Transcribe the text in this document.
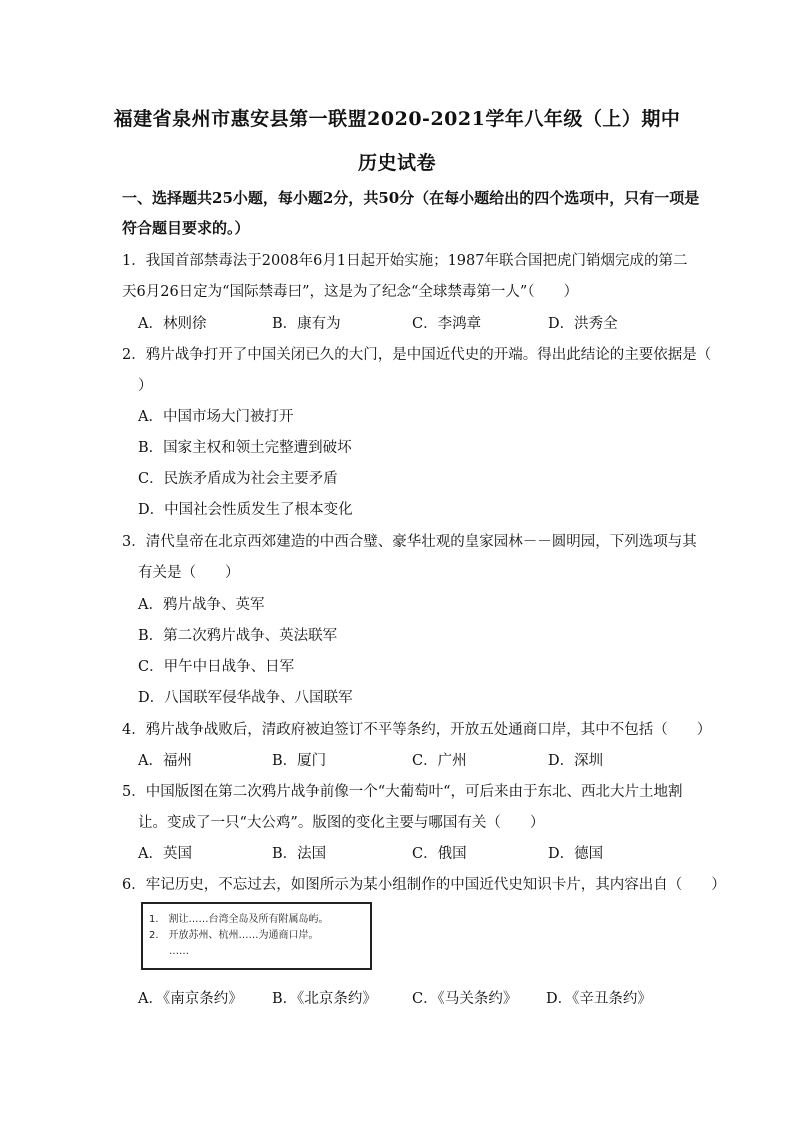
福建省泉州市惠安县第一联盟2020-2021学年八年级（上）期中
历史试卷
一、选择题共25小题，每小题2分，共50分（在每小题给出的四个选项中，只有一项是
符合题目要求的。）
1．我国首部禁毒法于2008年6月1日起开始实施；1987年联合国把虎门销烟完成的第二
天6月26日定为“国际禁毒曰”，这是为了纪念“全球禁毒第一人”（　　）
A．林则徐	B．康有为	C．李鸿章	D．洪秀全
2．鸦片战争打开了中国关闭已久的大门，是中国近代史的开端。得出此结论的主要依据是（
）
A．中国市场大门被打开
B．国家主权和领土完整遭到破坏
C．民族矛盾成为社会主要矛盾
D．中国社会性质发生了根本变化
3．清代皇帝在北京西郊建造的中西合璧、豪华壮观的皇家园林－－圆明园，下列选项与其
有关是（　　）
A．鸦片战争、英军
B．第二次鸦片战争、英法联军
C．甲午中日战争、日军
D．八国联军侵华战争、八国联军
4．鸦片战争战败后，清政府被迫签订不平等条约，开放五处通商口岸，其中不包括（　　）
A．福州	B．厦门	C．广州	D．深圳
5．中国版图在第二次鸦片战争前像一个“大葡萄叶“，可后来由于东北、西北大片土地割
让。变成了一只“大公鸡”。版图的变化主要与哪国有关（　　）
A．英国	B．法国	C．俄国	D．德国
6．牢记历史，不忘过去，如图所示为某小组制作的中国近代史知识卡片，其内容出自（　　）
1.　割让……台湾全岛及所有附属岛屿。
2.　开放苏州、杭州……为通商口岸。
　　……
A．《南京条约》 B．《北京条约》 C．《马关条约》 D．《辛丑条约》
